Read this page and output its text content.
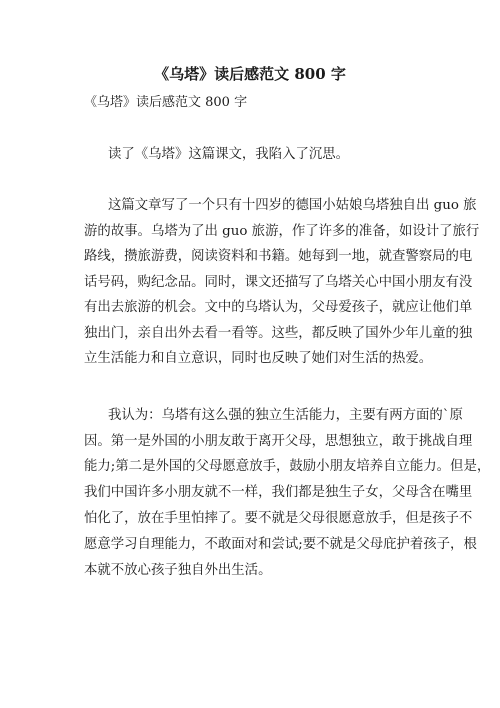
《乌塔》读后感范文 800 字
《乌塔》读后感范文 800 字
读了《乌塔》这篇课文，我陷入了沉思。
这篇文章写了一个只有十四岁的德国小姑娘乌塔独自出 guo 旅
游的故事。乌塔为了出 guo 旅游，作了许多的准备，如设计了旅行
路线，攒旅游费，阅读资料和书籍。她每到一地，就查警察局的电
话号码，购纪念品。同时，课文还描写了乌塔关心中国小朋友有没
有出去旅游的机会。文中的乌塔认为，父母爱孩子，就应让他们单
独出门，亲自出外去看一看等。这些，都反映了国外少年儿童的独
立生活能力和自立意识，同时也反映了她们对生活的热爱。
我认为：乌塔有这么强的独立生活能力，主要有两方面的`原
因。第一是外国的小朋友敢于离开父母，思想独立，敢于挑战自理
能力;第二是外国的父母愿意放手，鼓励小朋友培养自立能力。但是，
我们中国许多小朋友就不一样，我们都是独生子女，父母含在嘴里
怕化了，放在手里怕摔了。要不就是父母很愿意放手，但是孩子不
愿意学习自理能力，不敢面对和尝试;要不就是父母庇护着孩子，根
本就不放心孩子独自外出生活。
